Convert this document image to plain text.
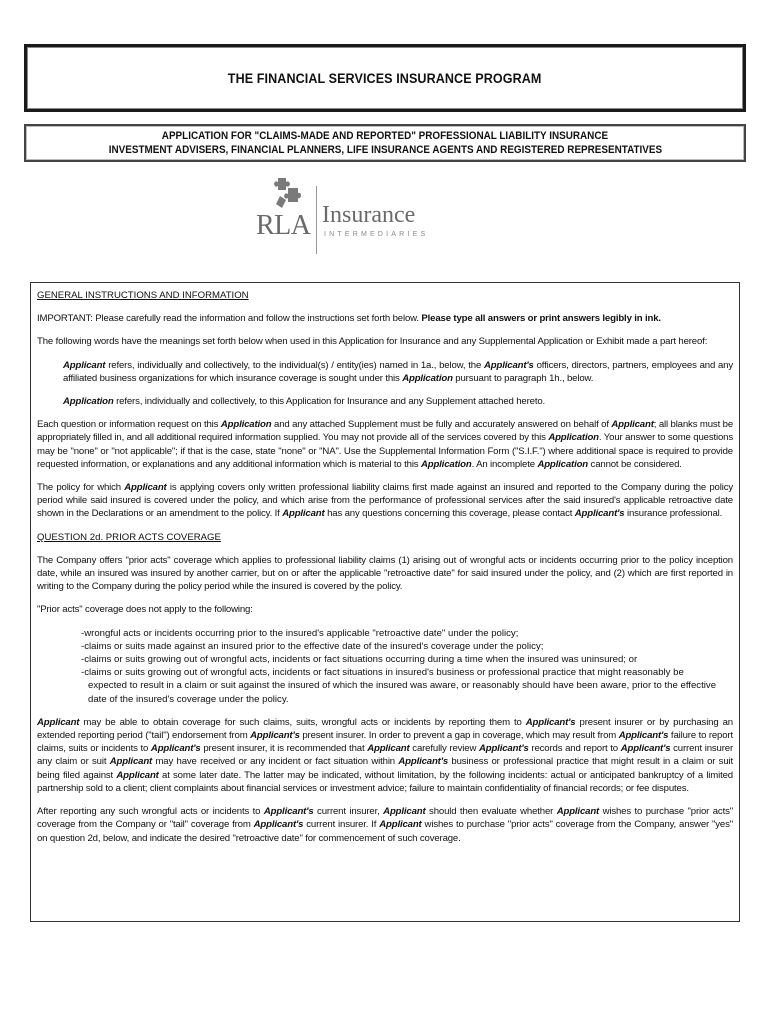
THE FINANCIAL SERVICES INSURANCE PROGRAM
APPLICATION FOR "CLAIMS-MADE AND REPORTED" PROFESSIONAL LIABILITY INSURANCE
INVESTMENT ADVISERS, FINANCIAL PLANNERS, LIFE INSURANCE AGENTS AND REGISTERED REPRESENTATIVES
RLA Insurance
INTERMEDIARIES
GENERAL INSTRUCTIONS AND INFORMATION

IMPORTANT: Please carefully read the information and follow the instructions set forth below. Please type all answers or print answers legibly in ink.

The following words have the meanings set forth below when used in this Application for Insurance and any Supplemental Application or Exhibit made a part hereof:

Applicant refers, individually and collectively, to the individual(s) / entity(ies) named in 1a., below, the Applicant's officers, directors, partners, employees and any affiliated business organizations for which insurance coverage is sought under this Application pursuant to paragraph 1h., below.

Application refers, individually and collectively, to this Application for Insurance and any Supplement attached hereto.

Each question or information request on this Application and any attached Supplement must be fully and accurately answered on behalf of Applicant; all blanks must be appropriately filled in, and all additional required information supplied. You may not provide all of the services covered by this Application. Your answer to some questions may be "none" or "not applicable"; if that is the case, state "none" or "NA". Use the Supplemental Information Form ("S.I.F.") where additional space is required to provide requested information, or explanations and any additional information which is material to this Application. An incomplete Application cannot be considered.

The policy for which Applicant is applying covers only written professional liability claims first made against an insured and reported to the Company during the policy period while said insured is covered under the policy, and which arise from the performance of professional services after the said insured's applicable retroactive date shown in the Declarations or an amendment to the policy. If Applicant has any questions concerning this coverage, please contact Applicant's insurance professional.

QUESTION 2d. PRIOR ACTS COVERAGE

The Company offers "prior acts" coverage which applies to professional liability claims (1) arising out of wrongful acts or incidents occurring prior to the policy inception date, while an insured was insured by another carrier, but on or after the applicable "retroactive date" for said insured under the policy, and (2) which are first reported in writing to the Company during the policy period while the insured is covered by the policy.

"Prior acts" coverage does not apply to the following:

-wrongful acts or incidents occurring prior to the insured's applicable "retroactive date" under the policy;
-claims or suits made against an insured prior to the effective date of the insured's coverage under the policy;
-claims or suits growing out of wrongful acts, incidents or fact situations occurring during a time when the insured was uninsured; or
-claims or suits growing out of wrongful acts, incidents or fact situations in insured's business or professional practice that might reasonably be
expected to result in a claim or suit against the insured of which the insured was aware, or reasonably should have been aware, prior to the effective
date of the insured's coverage under the policy.

Applicant may be able to obtain coverage for such claims, suits, wrongful acts or incidents by reporting them to Applicant's present insurer or by purchasing an extended reporting period ("tail") endorsement from Applicant's present insurer. In order to prevent a gap in coverage, which may result from Applicant's failure to report claims, suits or incidents to Applicant's present insurer, it is recommended that Applicant carefully review Applicant's records and report to Applicant's current insurer any claim or suit Applicant may have received or any incident or fact situation within Applicant's business or professional practice that might result in a claim or suit being filed against Applicant at some later date. The latter may be indicated, without limitation, by the following incidents: actual or anticipated bankruptcy of a limited partnership sold to a client; client complaints about financial services or investment advice; failure to maintain confidentiality of financial records; or fee disputes.

After reporting any such wrongful acts or incidents to Applicant's current insurer, Applicant should then evaluate whether Applicant wishes to purchase "prior acts" coverage from the Company or "tail" coverage from Applicant's current insurer. If Applicant wishes to purchase "prior acts" coverage from the Company, answer "yes" on question 2d, below, and indicate the desired "retroactive date" for commencement of such coverage.
